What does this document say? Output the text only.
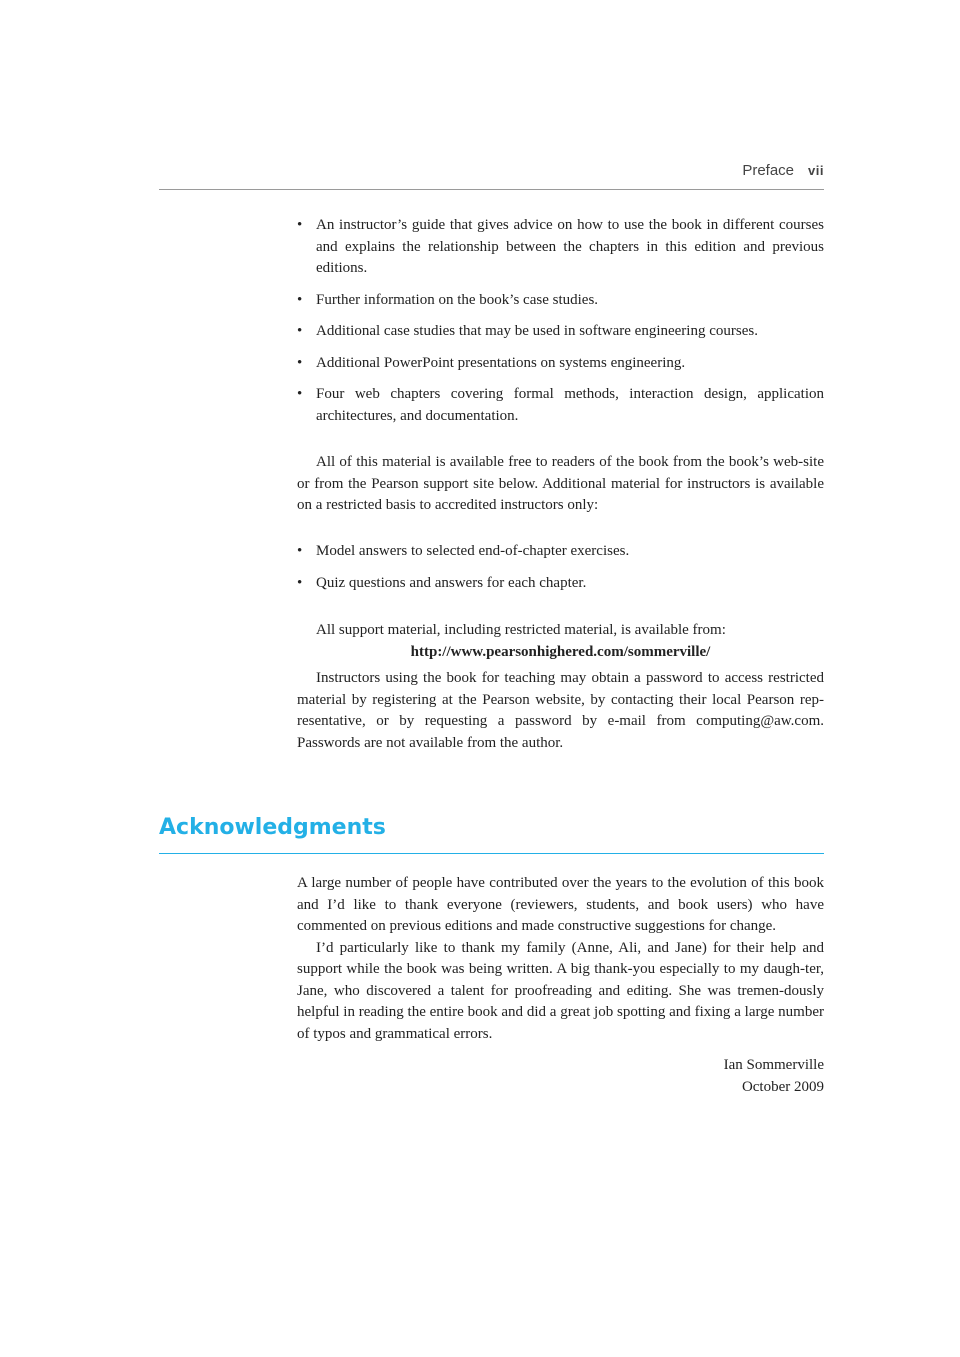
Preface vii
• An instructor’s guide that gives advice on how to use the book in different courses and explains the relationship between the chapters in this edition and previous editions.
• Further information on the book’s case studies.
• Additional case studies that may be used in software engineering courses.
• Additional PowerPoint presentations on systems engineering.
• Four web chapters covering formal methods, interaction design, application architectures, and documentation.

All of this material is available free to readers of the book from the book’s web-site or from the Pearson support site below. Additional material for instructors is available on a restricted basis to accredited instructors only:

• Model answers to selected end-of-chapter exercises.
• Quiz questions and answers for each chapter.

All support material, including restricted material, is available from:

http://www.pearsonhighered.com/sommerville/

Instructors using the book for teaching may obtain a password to access restricted material by registering at the Pearson website, by contacting their local Pearson rep-resentative, or by requesting a password by e-mail from computing@aw.com. Passwords are not available from the author.

Acknowledgments

A large number of people have contributed over the years to the evolution of this book and I’d like to thank everyone (reviewers, students, and book users) who have commented on previous editions and made constructive suggestions for change.

I’d particularly like to thank my family (Anne, Ali, and Jane) for their help and support while the book was being written. A big thank-you especially to my daugh-ter, Jane, who discovered a talent for proofreading and editing. She was tremen-dously helpful in reading the entire book and did a great job spotting and fixing a large number of typos and grammatical errors.

Ian Sommerville
October 2009
